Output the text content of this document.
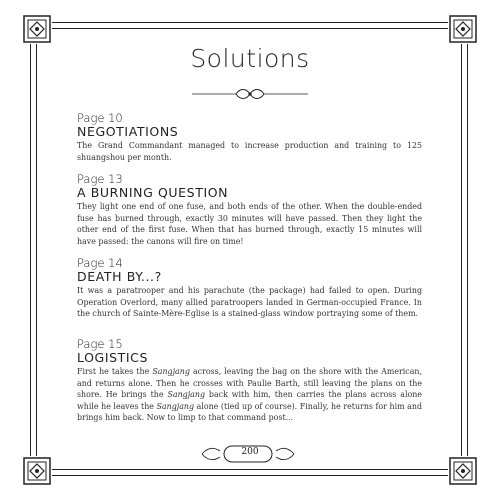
Solutions
Page 10
NEGOTIATIONS
The Grand Commandant managed to increase production and training to 125 shuangshou per month.
Page 13
A BURNING QUESTION
They light one end of one fuse, and both ends of the other. When the double-ended fuse has burned through, exactly 30 minutes will have passed. Then they light the other end of the first fuse. When that has burned through, exactly 15 minutes will have passed: the canons will fire on time!
Page 14
DEATH BY...?
It was a paratrooper and his parachute (the package) had failed to open. During Operation Overlord, many allied paratroopers landed in German-occupied France. In the church of Sainte-Mère-Eglise is a stained-glass window portraying some of them.
Page 15
LOGISTICS
First he takes the Sangjang across, leaving the bag on the shore with the American, and returns alone. Then he crosses with Paulie Barth, still leaving the plans on the shore. He brings the Sangjang back with him, then carries the plans across alone while he leaves the Sangjang alone (tied up of course). Finally, he returns for him and brings him back. Now to limp to that command post...
200
